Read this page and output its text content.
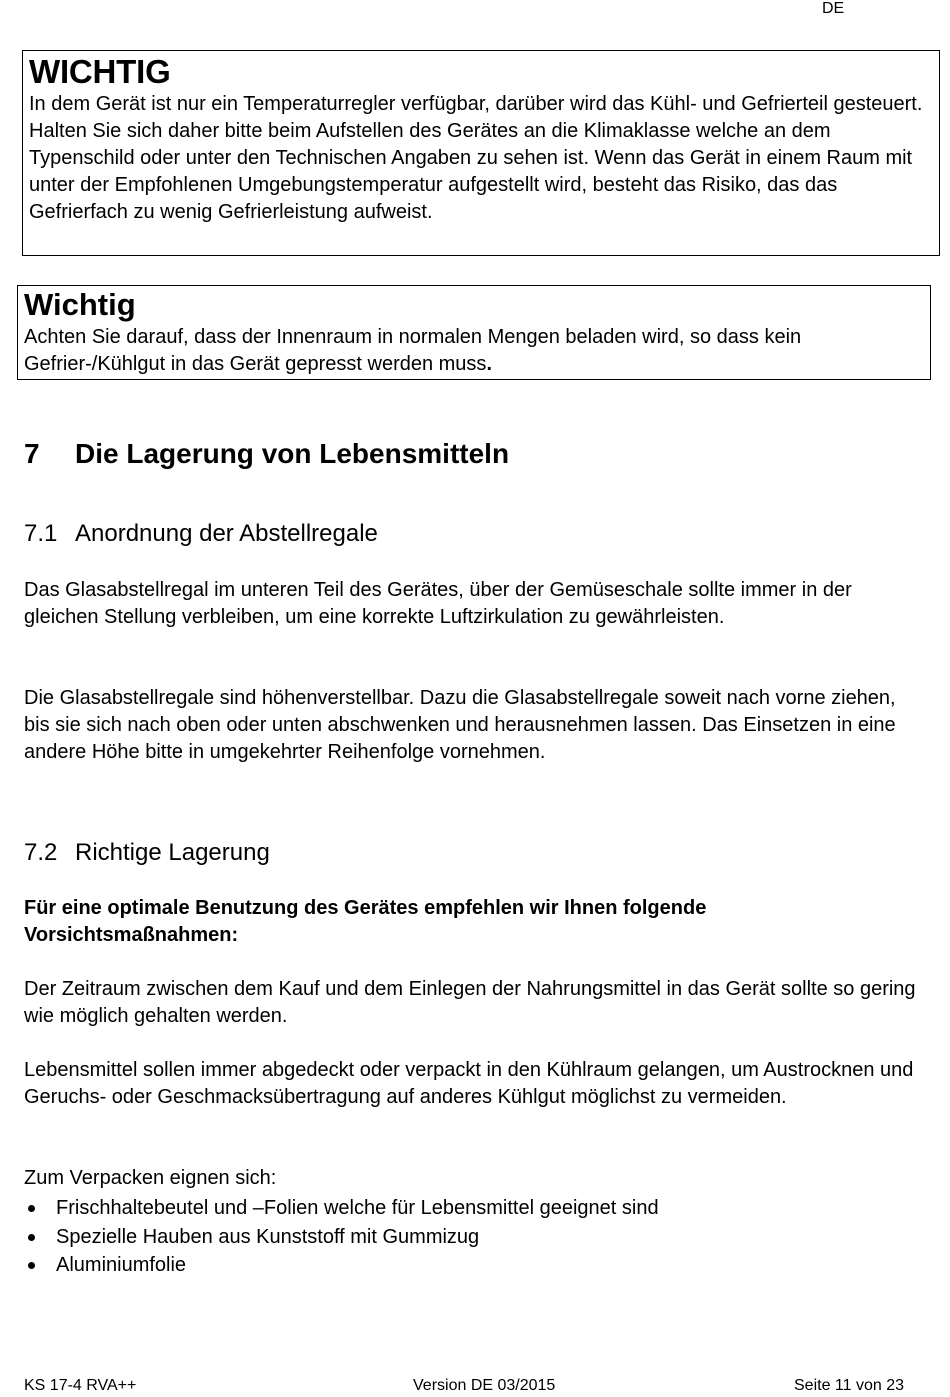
DE
WICHTIG
In dem Gerät ist nur ein Temperaturregler verfügbar, darüber wird das Kühl- und Gefrierteil gesteuert. Halten Sie sich daher bitte beim Aufstellen des Gerätes an die Klimaklasse welche an dem Typenschild oder unter den Technischen Angaben zu sehen ist. Wenn das Gerät in einem Raum mit unter der Empfohlenen Umgebungstemperatur aufgestellt wird, besteht das Risiko, das das Gefrierfach zu wenig Gefrierleistung aufweist.
Wichtig
Achten Sie darauf, dass der Innenraum in normalen Mengen beladen wird, so dass kein Gefrier-/Kühlgut in das Gerät gepresst werden muss.
7 Die Lagerung von Lebensmitteln
7.1 Anordnung der Abstellregale
Das Glasabstellregal im unteren Teil des Gerätes, über der Gemüseschale sollte immer in der gleichen Stellung verbleiben, um eine korrekte Luftzirkulation zu gewährleisten.
Die Glasabstellregale sind höhenverstellbar. Dazu die Glasabstellregale soweit nach vorne ziehen, bis sie sich nach oben oder unten abschwenken und herausnehmen lassen. Das Einsetzen in eine andere Höhe bitte in umgekehrter Reihenfolge vornehmen.
7.2 Richtige Lagerung
Für eine optimale Benutzung des Gerätes empfehlen wir Ihnen folgende Vorsichtsmaßnahmen:
Der Zeitraum zwischen dem Kauf und dem Einlegen der Nahrungsmittel in das Gerät sollte so gering wie möglich gehalten werden.
Lebensmittel sollen immer abgedeckt oder verpackt in den Kühlraum gelangen, um Austrocknen und Geruchs- oder Geschmacksübertragung auf anderes Kühlgut möglichst zu vermeiden.
Zum Verpacken eignen sich:
Frischhaltebeutel und –Folien welche für Lebensmittel geeignet sind
Spezielle Hauben aus Kunststoff mit Gummizug
Aluminiumfolie
KS 17-4 RVA++	Version DE 03/2015	Seite 11 von 23
